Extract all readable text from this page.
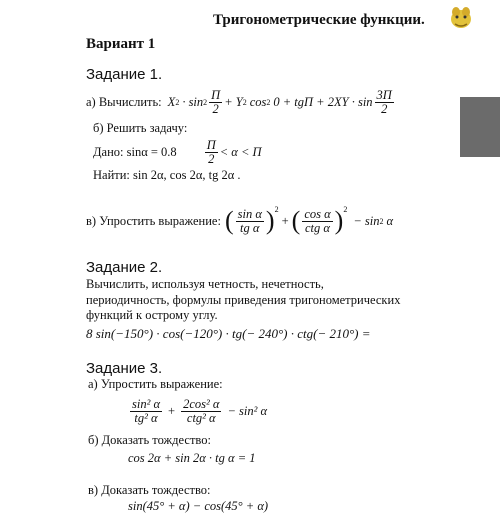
Тригонометрические функции.
Вариант 1
Задание 1.
а) Вычислить: X $2 \cdot \sin 2 \frac{П}{2} + Y$ 2 cos 2 0 + tgП + $2XY \cdot \sin \frac{3П}{2}$
б) Решить задачу:
Дано: $\sin\alpha = 0.8 \frac{П}{2} < \alpha < П$
Найти: sin 2α, cos 2α, tg 2α .
в) Упростить выражение: ( $\frac{\text{sin α}}{\text{tg α}} )^2$
+ ( $\frac{\text{cos α}}{\text{ctg α}} )^2$
− sin 2 α
Задание 2.
Вычислить, используя четность, нечетность,
периодичность, формулы приведения тригонометрических
функций к острому углу.
8 sin(−150°) · cos(−120°) · tg(− 240°) · ctg(− 210°) =
Задание 3.
а) Упростить выражение:
$\frac{\text{sin² α}}{\text{tg² α}} + \frac{\text{2cos² α}}{\text{ctg² α}} - \sin^2$ α
б) Доказать тождество:
cos 2α + sin 2α · tg α = 1
в) Доказать тождество:
sin(45° + α) − cos(45° + α)
